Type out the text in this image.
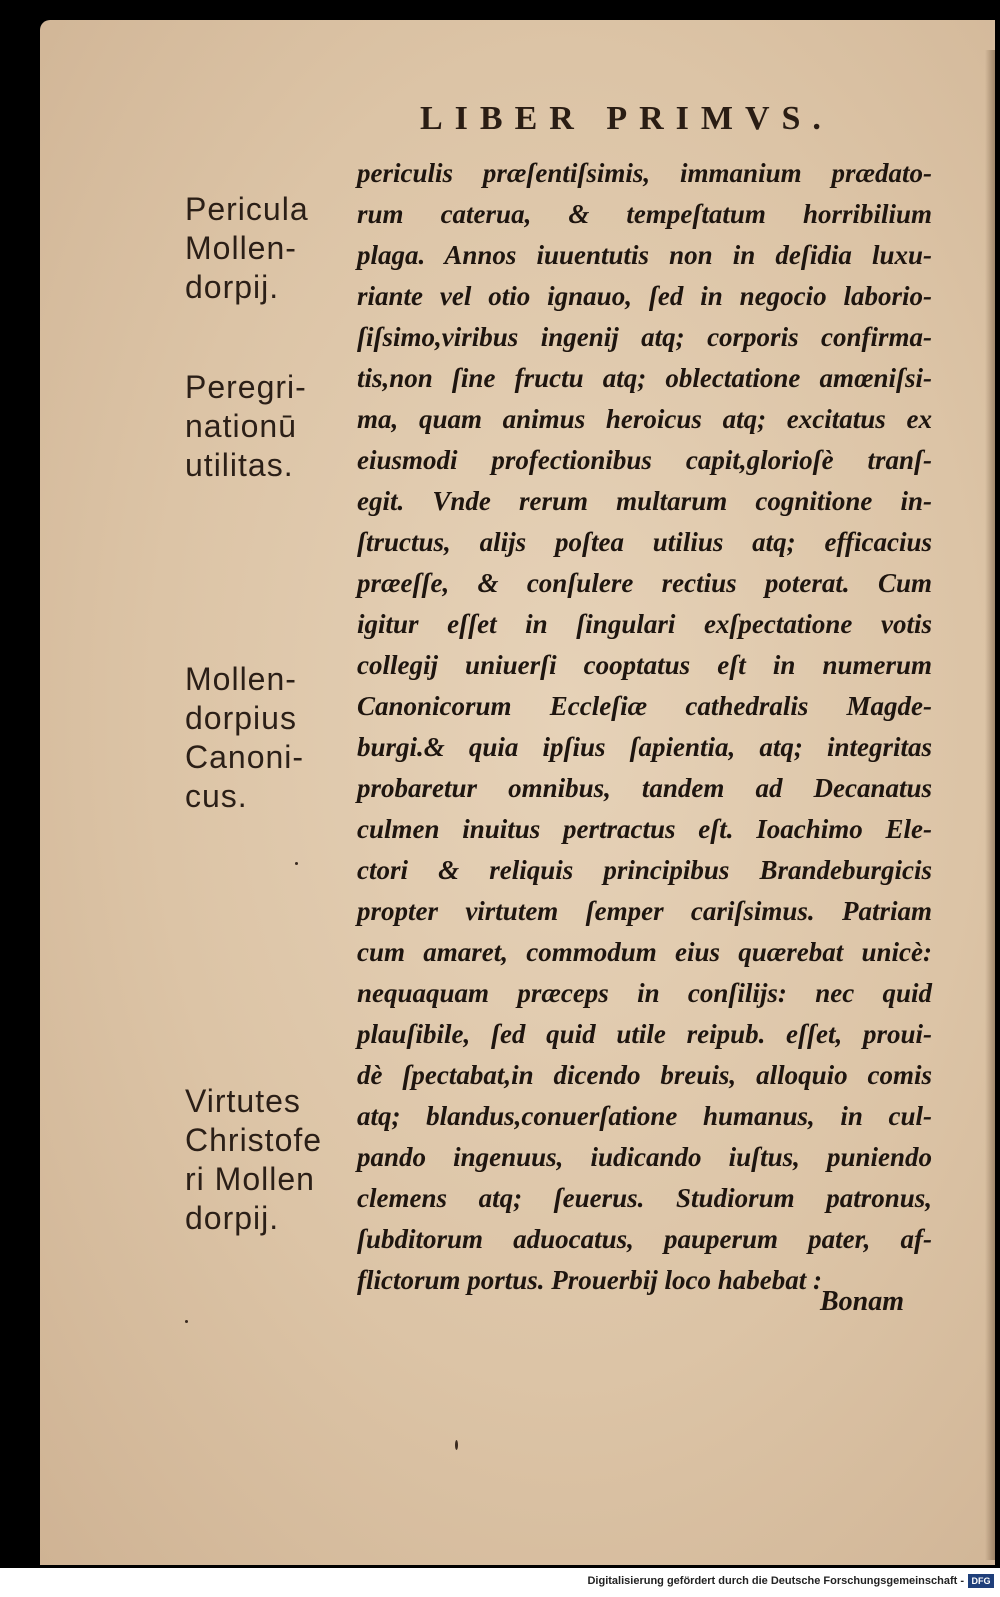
LIBER PRIMVS.
Pericula
Mollen-
dorpij.
Peregri-
nationū
utilitas.
Mollen-
dorpius
Canoni-
cus.
Virtutes
Christofe
ri Mollen
dorpij.
periculis præſentiſsimis, immanium prædato-
rum caterua, & tempeſtatum horribilium
plaga. Annos iuuentutis non in deſidia luxu-
riante vel otio ignauo, ſed in negocio laborio-
ſiſsimo,viribus ingenij atq; corporis confirma-
tis,non ſine fructu atq; oblectatione amœniſsi-
ma, quam animus heroicus atq; excitatus ex
eiusmodi profectionibus capit,glorioſè tranſ-
egit. Vnde rerum multarum cognitione in-
ſtructus, alijs poſtea utilius atq; efficacius
præeſſe, & conſulere rectius poterat. Cum
igitur eſſet in ſingulari exſpectatione votis
collegij uniuerſi cooptatus eſt in numerum
Canonicorum Eccleſiæ cathedralis Magde-
burgi.& quia ipſius ſapientia, atq; integritas
probaretur omnibus, tandem ad Decanatus
culmen inuitus pertractus eſt. Ioachimo Ele-
ctori & reliquis principibus Brandeburgicis
propter virtutem ſemper cariſsimus. Patriam
cum amaret, commodum eius quærebat unicè:
nequaquam præceps in conſilijs: nec quid
plauſibile, ſed quid utile reipub. eſſet, proui-
dè ſpectabat,in dicendo breuis, alloquio comis
atq; blandus,conuerſatione humanus, in cul-
pando ingenuus, iudicando iuſtus, puniendo
clemens atq; ſeuerus. Studiorum patronus,
ſubditorum aduocatus, pauperum pater, af-
flictorum portus. Prouerbij loco habebat :
Bonam
Digitalisierung gefördert durch die Deutsche Forschungsgemeinschaft - DFG
